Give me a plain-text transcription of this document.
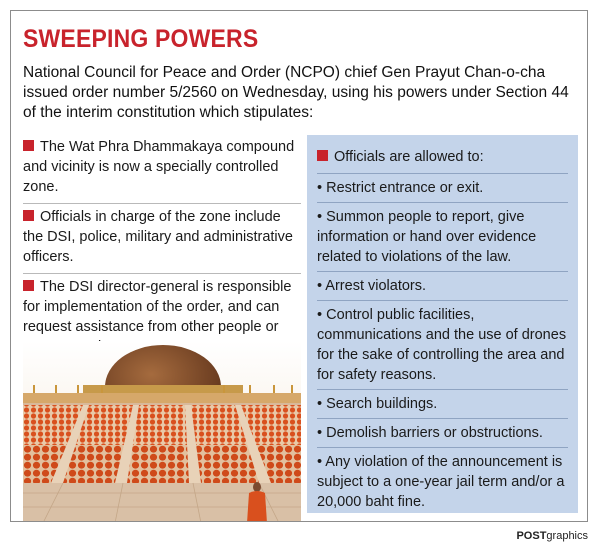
SWEEPING POWERS
National Council for Peace and Order (NCPO) chief Gen Prayut Chan-o-cha issued order number 5/2560 on Wednesday, using his powers under Section 44 of the interim constitution which stipulates:
The Wat Phra Dhammakaya compound and vicinity is now a specially controlled zone.
Officials in charge of the zone include the DSI, police, military and administrative officers.
The DSI director-general is responsible for implementation of the order, and can request assistance from other people or
Officials are allowed to:
• Restrict entrance or exit.
• Summon people to report, give information or hand over evidence related to violations of the law.
• Arrest violators.
• Control public facilities, communications and the use of drones for the sake of controlling the area and for safety reasons.
• Search buildings.
• Demolish barriers or obstructions.
• Any violation of the announcement is subject to a one-year jail term and/or a 20,000 baht fine.
POSTgraphics
